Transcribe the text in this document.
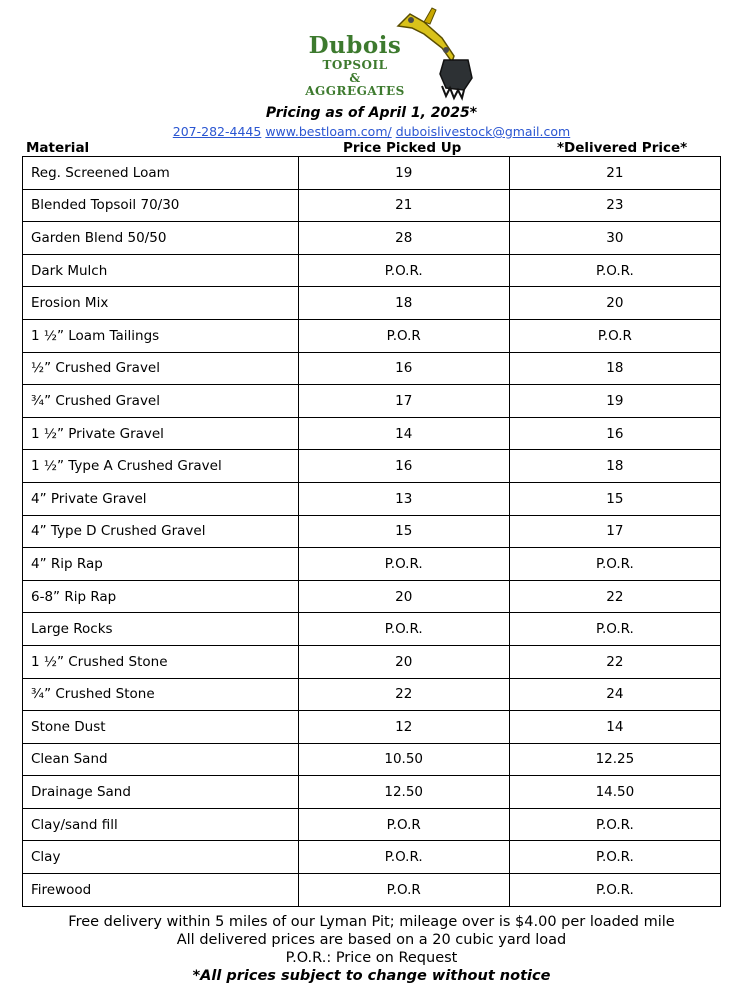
Dubois
TOPSOIL
&
AGGREGATES
Pricing as of April 1, 2025*
207-282-4445 www.bestloam.com/ duboislivestock@gmail.com
Material	Price Picked Up	*Delivered Price*
Reg. Screened Loam	19	21
Blended Topsoil 70/30	21	23
Garden Blend 50/50	28	30
Dark Mulch	P.O.R.	P.O.R.
Erosion Mix	18	20
1 ½” Loam Tailings	P.O.R	P.O.R
½” Crushed Gravel	16	18
¾” Crushed Gravel	17	19
1 ½” Private Gravel	14	16
1 ½” Type A Crushed Gravel	16	18
4” Private Gravel	13	15
4” Type D Crushed Gravel	15	17
4” Rip Rap	P.O.R.	P.O.R.
6-8” Rip Rap	20	22
Large Rocks	P.O.R.	P.O.R.
1 ½” Crushed Stone	20	22
¾” Crushed Stone	22	24
Stone Dust	12	14
Clean Sand	10.50	12.25
Drainage Sand	12.50	14.50
Clay/sand fill	P.O.R	P.O.R.
Clay	P.O.R.	P.O.R.
Firewood	P.O.R	P.O.R.
Free delivery within 5 miles of our Lyman Pit; mileage over is $4.00 per loaded mile
All delivered prices are based on a 20 cubic yard load
P.O.R.: Price on Request
*All prices subject to change without notice
